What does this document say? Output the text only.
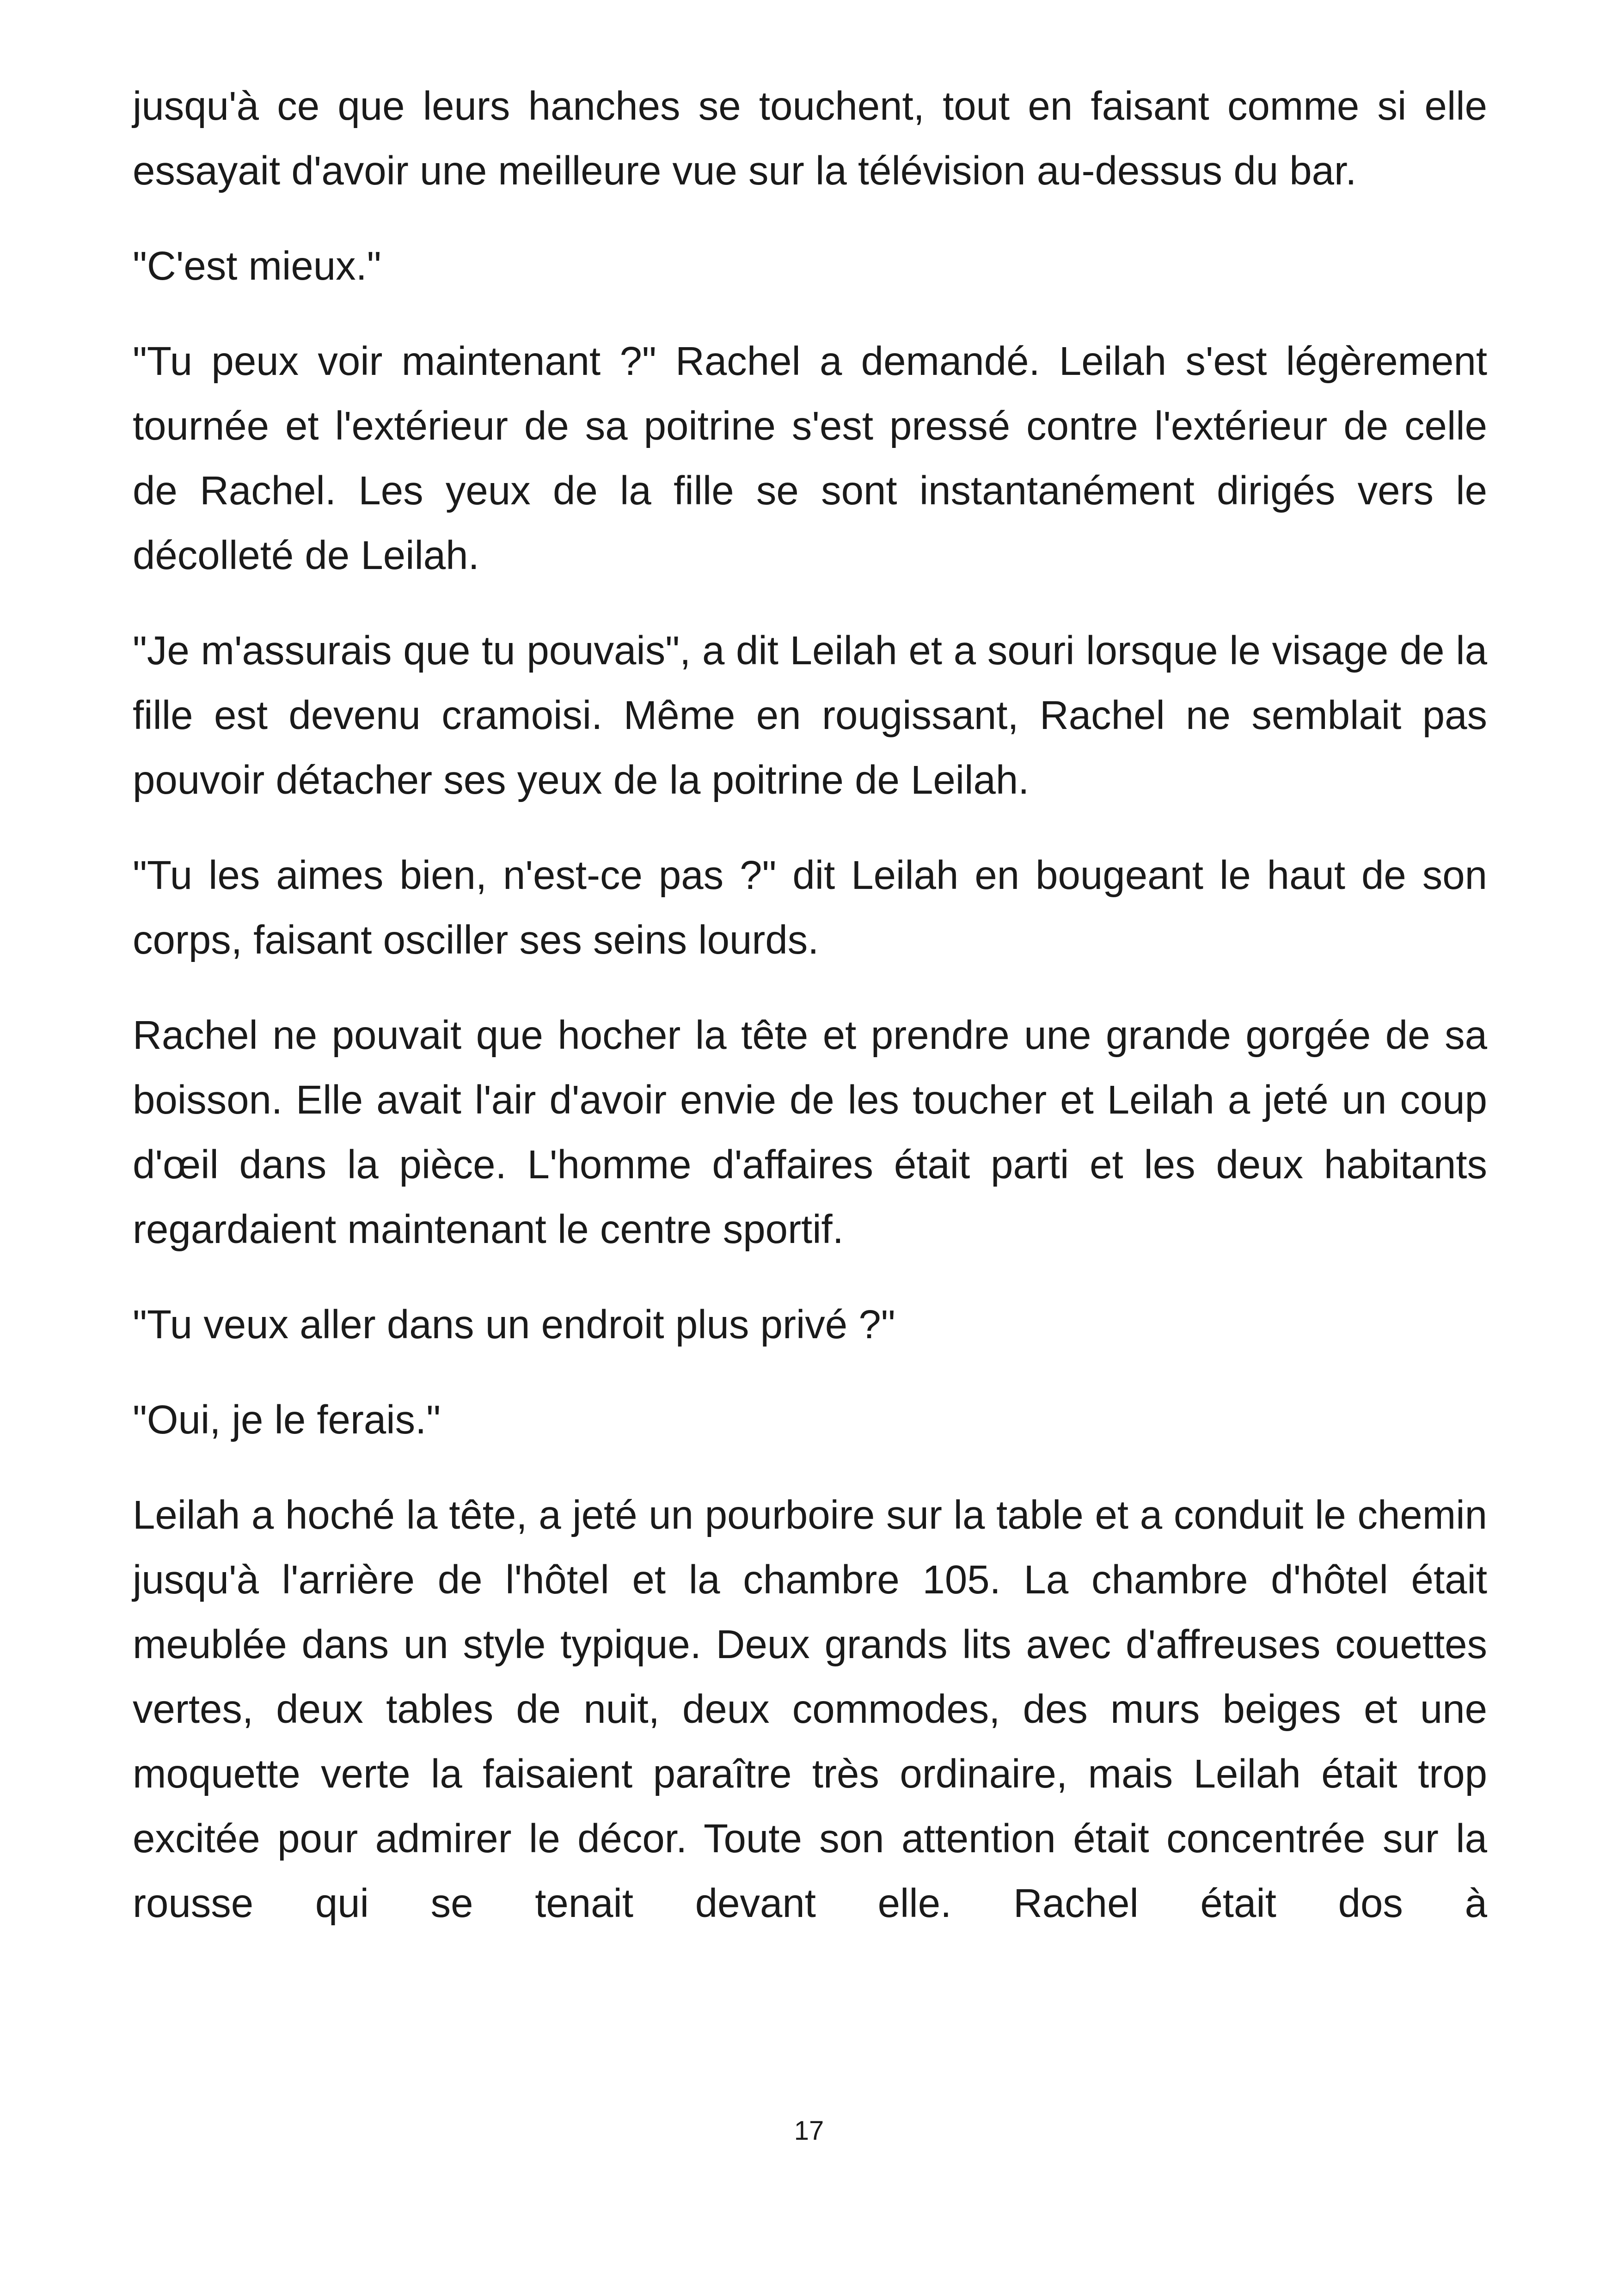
jusqu'à ce que leurs hanches se touchent, tout en faisant comme si elle essayait d'avoir une meilleure vue sur la télévision au-dessus du bar.

"C'est mieux."

"Tu peux voir maintenant ?" Rachel a demandé. Leilah s'est légèrement tournée et l'extérieur de sa poitrine s'est pressé contre l'extérieur de celle de Rachel. Les yeux de la fille se sont instantanément dirigés vers le décolleté de Leilah.

"Je m'assurais que tu pouvais", a dit Leilah et a souri lorsque le visage de la fille est devenu cramoisi. Même en rougissant, Rachel ne semblait pas pouvoir détacher ses yeux de la poitrine de Leilah.

"Tu les aimes bien, n'est-ce pas ?" dit Leilah en bougeant le haut de son corps, faisant osciller ses seins lourds.

Rachel ne pouvait que hocher la tête et prendre une grande gorgée de sa boisson. Elle avait l'air d'avoir envie de les toucher et Leilah a jeté un coup d'œil dans la pièce. L'homme d'affaires était parti et les deux habitants regardaient maintenant le centre sportif.

"Tu veux aller dans un endroit plus privé ?"

"Oui, je le ferais."

Leilah a hoché la tête, a jeté un pourboire sur la table et a conduit le chemin jusqu'à l'arrière de l'hôtel et la chambre 105. La chambre d'hôtel était meublée dans un style typique. Deux grands lits avec d'affreuses couettes vertes, deux tables de nuit, deux commodes, des murs beiges et une moquette verte la faisaient paraître très ordinaire, mais Leilah était trop excitée pour admirer le décor. Toute son attention était concentrée sur la rousse qui se tenait devant elle. Rachel était dos à

17
